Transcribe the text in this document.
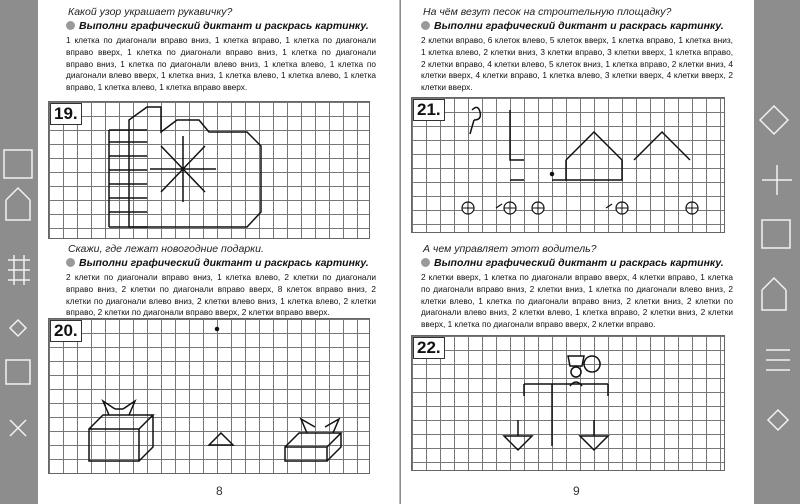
Какой узор украшает рукавичку?
Выполни графический диктант и раскрась картинку.
1 клетка по диагонали вправо вниз, 1 клетка вправо, 1 клетка по диагонали вправо вверх, 1 клетка по диагонали вправо вниз, 1 клетка по диагонали вправо вниз, 1 клетка по диагонали влево вниз, 1 клетка влево, 1 клетка по диагонали влево вверх, 1 клетка вниз, 1 клетка влево, 1 клетка влево, 1 клетка вправо, 1 клетка влево, 1 клетка вправо вверх.
19.
Скажи, где лежат новогодние подарки.
Выполни графический диктант и раскрась картинку.
2 клетки по диагонали вправо вниз, 1 клетка влево, 2 клетки по диагонали вправо вниз, 2 клетки по диагонали вправо вверх, 8 клеток вправо вниз, 2 клетки по диагонали влево вниз, 2 клетки влево вниз, 1 клетка влево, 2 клетки вправо, 2 клетки по диагонали вправо вверх, 2 клетки вправо вверх.
20.
8
На чём везут песок на строительную площадку?
Выполни графический диктант и раскрась картинку.
2 клетки вправо, 6 клеток влево, 5 клеток вверх, 1 клетка вправо, 1 клетка вниз, 1 клетка влево, 2 клетки вниз, 3 клетки вправо, 3 клетки вверх, 1 клетка вправо, 2 клетки вправо, 4 клетки влево, 5 клеток вниз, 1 клетка вправо, 2 клетки вниз, 4 клетки вверх, 4 клетки вправо, 1 клетка влево, 3 клетки вверх, 4 клетки вверх, 2 клетки вверх.
21.
А чем управляет этот водитель?
Выполни графический диктант и раскрась картинку.
2 клетки вверх, 1 клетка по диагонали вправо вверх, 4 клетки вправо, 1 клетка по диагонали вправо вниз, 2 клетки вниз, 1 клетка по диагонали влево вниз, 2 клетки влево, 1 клетка по диагонали вправо вниз, 2 клетки вниз, 2 клетки по диагонали влево вниз, 2 клетки влево, 1 клетка вправо, 2 клетки вниз, 2 клетки вверх, 1 клетка по диагонали вправо вверх, 2 клетки вправо.
22.
9
